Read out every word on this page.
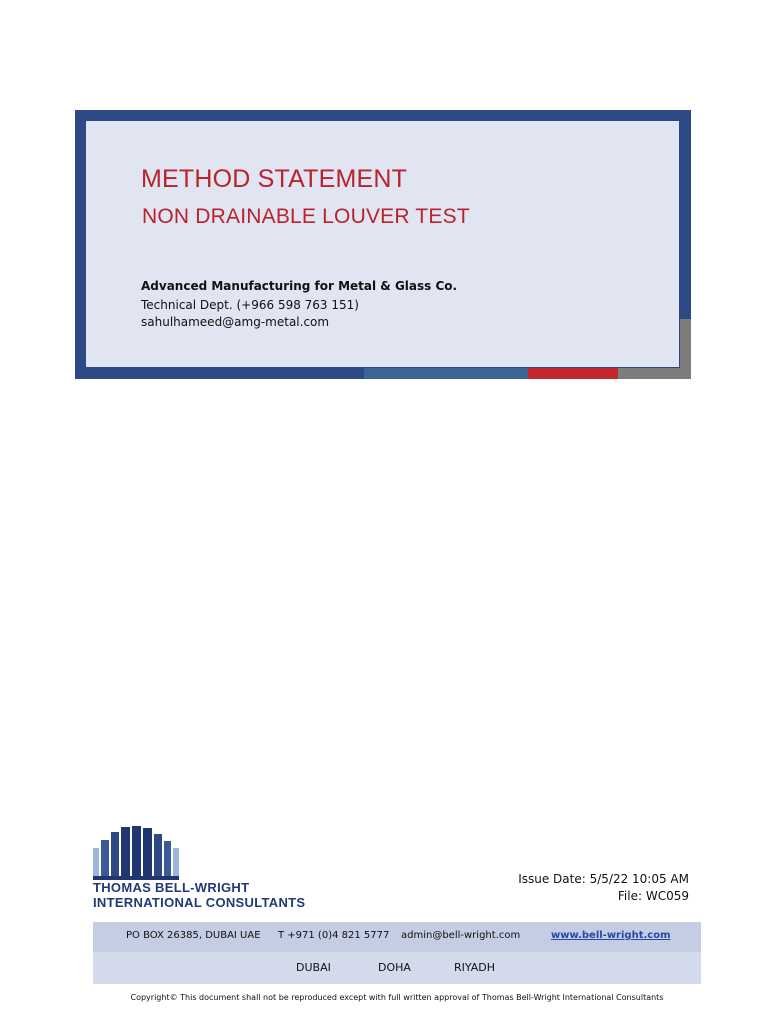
METHOD STATEMENT
NON DRAINABLE LOUVER TEST
Advanced Manufacturing for Metal & Glass Co.
Technical Dept. (+966 598 763 151)
sahulhameed@amg-metal.com
THOMAS BELL-WRIGHT
INTERNATIONAL CONSULTANTS
Issue Date: 5/5/22 10:05 AM
File: WC059
PO BOX 26385, DUBAI UAE T +971 (0)4 821 5777 admin@bell-wright.com	www.bell-wright.com
DUBAI	DOHA	RIYADH
Copyright© This document shall not be reproduced except with full written approval of Thomas Bell-Wright International Consultants
